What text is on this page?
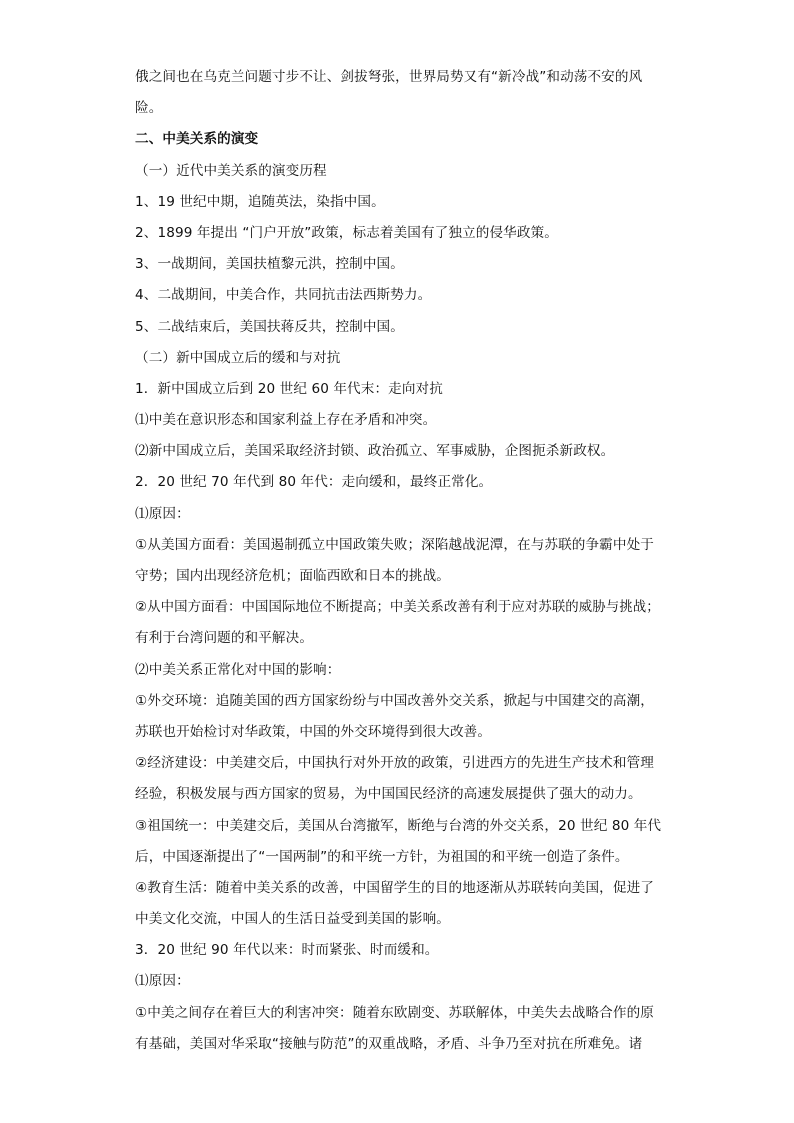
俄之间也在乌克兰问题寸步不让、剑拔弩张，世界局势又有“新冷战”和动荡不安的风
险。
二、中美关系的演变
（一）近代中美关系的演变历程
1、19 世纪中期，追随英法，染指中国。
2、1899 年提出 “门户开放”政策，标志着美国有了独立的侵华政策。
3、一战期间，美国扶植黎元洪，控制中国。
4、二战期间，中美合作，共同抗击法西斯势力。
5、二战结束后，美国扶蒋反共，控制中国。
（二）新中国成立后的缓和与对抗
1．新中国成立后到 20 世纪 60 年代末：走向对抗
⑴中美在意识形态和国家利益上存在矛盾和冲突。
⑵新中国成立后，美国采取经济封锁、政治孤立、军事威胁，企图扼杀新政权。
2．20 世纪 70 年代到 80 年代：走向缓和，最终正常化。
⑴原因：
①从美国方面看：美国遏制孤立中国政策失败；深陷越战泥潭，在与苏联的争霸中处于
守势；国内出现经济危机；面临西欧和日本的挑战。
②从中国方面看：中国国际地位不断提高；中美关系改善有利于应对苏联的威胁与挑战；
有利于台湾问题的和平解决。
⑵中美关系正常化对中国的影响：
①外交环境：追随美国的西方国家纷纷与中国改善外交关系，掀起与中国建交的高潮，
苏联也开始检讨对华政策，中国的外交环境得到很大改善。
②经济建设：中美建交后，中国执行对外开放的政策，引进西方的先进生产技术和管理
经验，积极发展与西方国家的贸易，为中国国民经济的高速发展提供了强大的动力。
③祖国统一：中美建交后，美国从台湾撤军，断绝与台湾的外交关系，20 世纪 80 年代
后，中国逐渐提出了“一国两制”的和平统一方针，为祖国的和平统一创造了条件。
④教育生活：随着中美关系的改善，中国留学生的目的地逐渐从苏联转向美国，促进了
中美文化交流，中国人的生活日益受到美国的影响。
3．20 世纪 90 年代以来：时而紧张、时而缓和。
⑴原因：
①中美之间存在着巨大的利害冲突：随着东欧剧变、苏联解体，中美失去战略合作的原
有基础，美国对华采取“接触与防范”的双重战略，矛盾、斗争乃至对抗在所难免。诸
